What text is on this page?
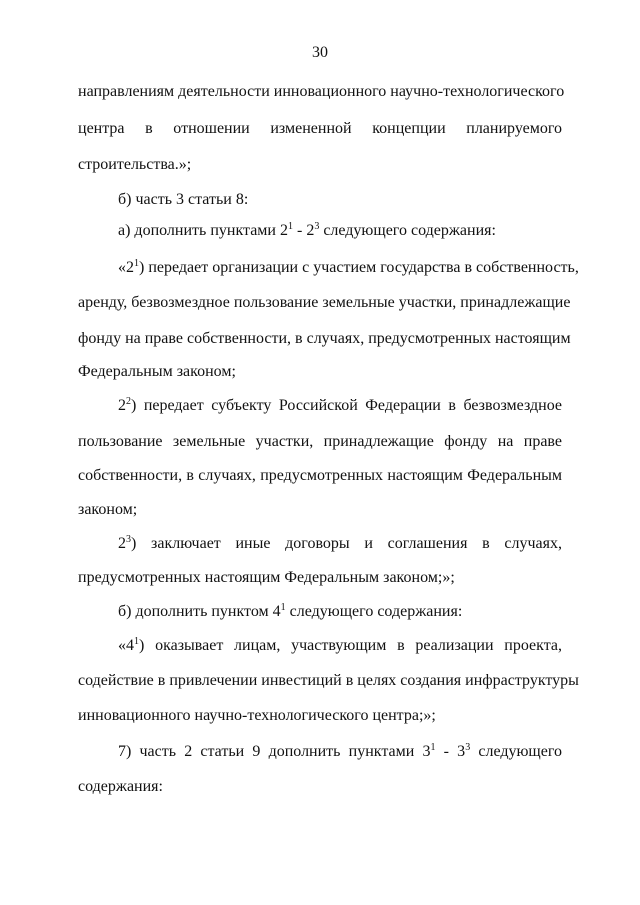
30
направлениям деятельности инновационного научно-технологического
центра в отношении измененной концепции планируемого
строительства.»;
б) часть 3 статьи 8:
а) дополнить пунктами $2^1 - 2^3$ следующего содержания:
«$2^1$) передает организации с участием государства в собственность,
аренду, безвозмездное пользование земельные участки, принадлежащие
фонду на праве собственности, в случаях, предусмотренных настоящим
Федеральным законом;
$2^2$) передает субъекту Российской Федерации в безвозмездное
пользование земельные участки, принадлежащие фонду на праве
собственности, в случаях, предусмотренных настоящим Федеральным
законом;
$2^3$) заключает иные договоры и соглашения в случаях,
предусмотренных настоящим Федеральным законом;»;
б) дополнить пунктом $4^1$ следующего содержания:
«$4^1$) оказывает лицам, участвующим в реализации проекта,
содействие в привлечении инвестиций в целях создания инфраструктуры
инновационного научно-технологического центра;»;
7) часть 2 статьи 9 дополнить пунктами $3^1 - 3^3$ следующего
содержания:
